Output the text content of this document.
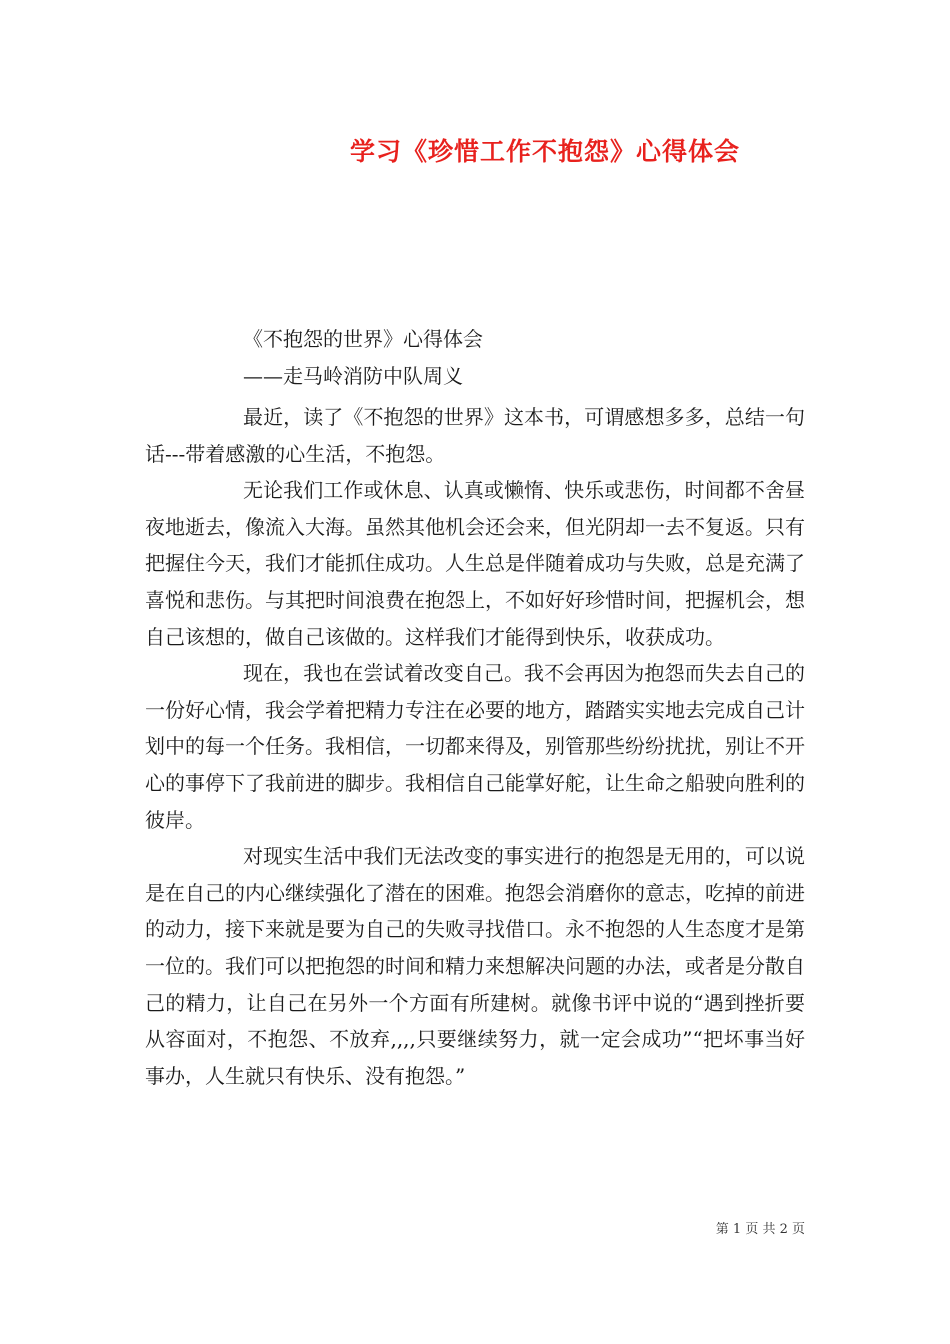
学习《珍惜工作不抱怨》心得体会
《不抱怨的世界》心得体会
——走马岭消防中队周义

最近，读了《不抱怨的世界》这本书，可谓感想多多，总结一句话---带着感激的心生活，不抱怨。

无论我们工作或休息、认真或懒惰、快乐或悲伤，时间都不舍昼夜地逝去，像流入大海。虽然其他机会还会来，但光阴却一去不复返。只有把握住今天，我们才能抓住成功。人生总是伴随着成功与失败，总是充满了喜悦和悲伤。与其把时间浪费在抱怨上，不如好好珍惜时间，把握机会，想自己该想的，做自己该做的。这样我们才能得到快乐，收获成功。

现在，我也在尝试着改变自己。我不会再因为抱怨而失去自己的一份好心情，我会学着把精力专注在必要的地方，踏踏实实地去完成自己计划中的每一个任务。我相信，一切都来得及，别管那些纷纷扰扰，别让不开心的事停下了我前进的脚步。我相信自己能掌好舵，让生命之船驶向胜利的彼岸。

对现实生活中我们无法改变的事实进行的抱怨是无用的，可以说是在自己的内心继续强化了潜在的困难。抱怨会消磨你的意志，吃掉的前进的动力，接下来就是要为自己的失败寻找借口。永不抱怨的人生态度才是第一位的。我们可以把抱怨的时间和精力来想解决问题的办法，或者是分散自己的精力，让自己在另外一个方面有所建树。就像书评中说的“遇到挫折要从容面对，不抱怨、不放弃,,,,只要继续努力，就一定会成功”“把坏事当好事办，人生就只有快乐、没有抱怨。”

第 1 页 共 2 页
